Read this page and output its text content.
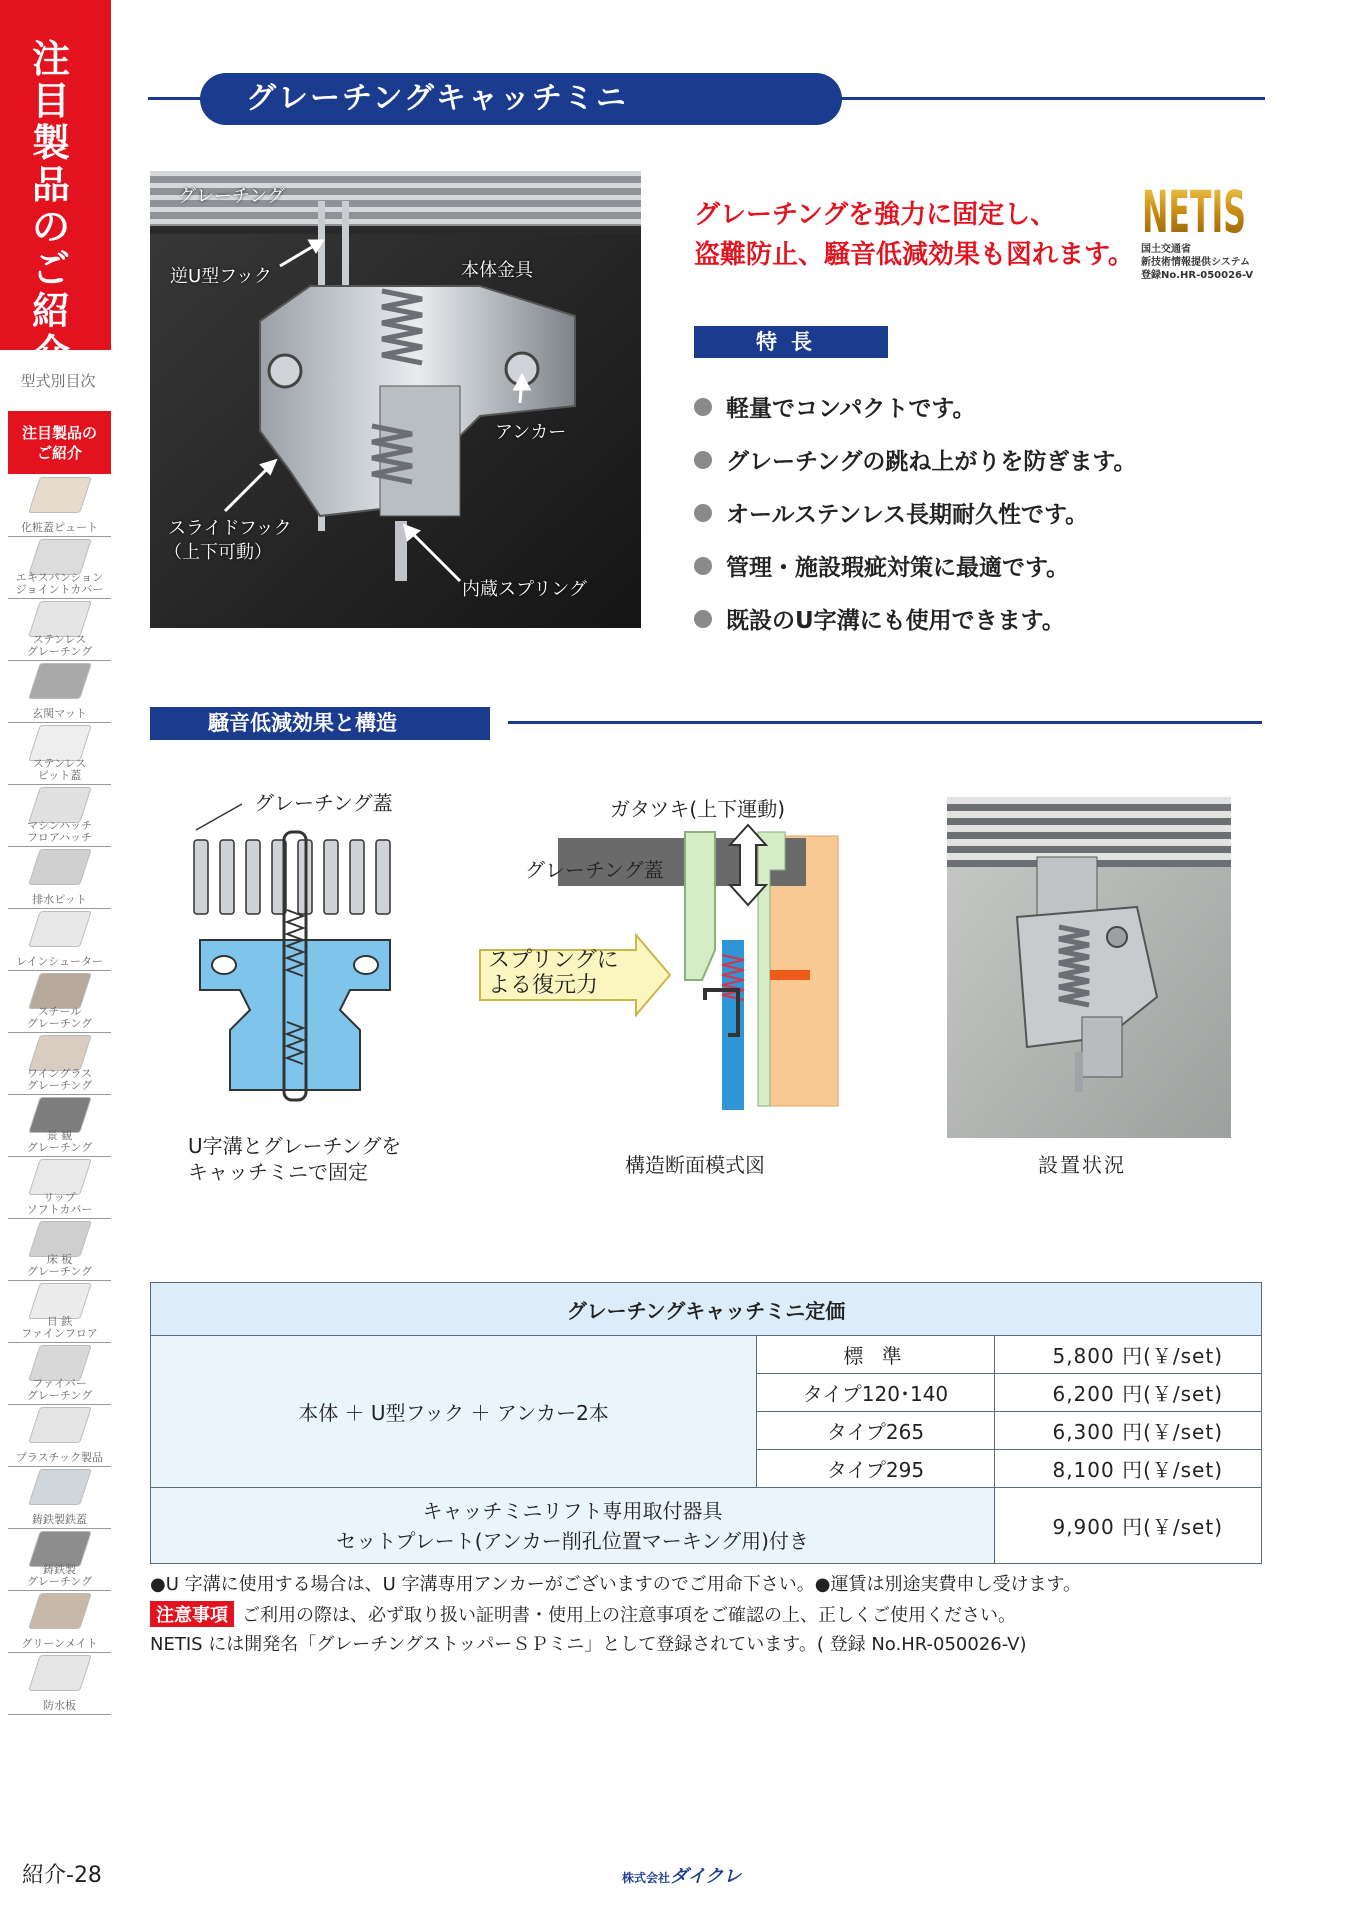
注目製品のご紹介
型式別目次
注目製品の
ご紹介
化粧蓋ピュート
エキスパンション
ジョイントカバー
ステンレス
グレーチング
玄関マット
ステンレス
ピット蓋
マシンハッチ
フロアハッチ
排水ピット
レインシューター
スチール
グレーチング
ワイングラス
グレーチング
景 観
グレーチング
リップ
ソフトカバー
床 板
グレーチング
日 鉄
ファインフロア
ファイバー
グレーチング
プラスチック製品
鋳鉄製鉄蓋
鋳鉄製
グレーチング
グリーンメイト
防水板
グレーチングキャッチミニ
グレーチング
逆U型フック	本体金具
アンカー
スライドフック
（上下可動）
内蔵スプリング
グレーチングを強力に固定し、
盗難防止、騒音低減効果も図れます。
NETIS
国土交通省
新技術情報提供システム
登録No.HR-050026-V
特長
軽量でコンパクトです。
グレーチングの跳ね上がりを防ぎます。
オールステンレス長期耐久性です。
管理・施設瑕疵対策に最適です。
既設のU字溝にも使用できます。
騒音低減効果と構造
グレーチング蓋
U字溝とグレーチングを
キャッチミニで固定
ガタツキ(上下運動)
グレーチング蓋
スプリングに
よる復元力
構造断面模式図	設置状況
グレーチングキャッチミニ定価		
本体 ＋ U型フック ＋ アンカー2本	標 準	5,800 円(￥/set)
	タイプ120･140	6,200 円(￥/set)
	タイプ265	6,300 円(￥/set)
	タイプ295	8,100 円(￥/set)

キャッチミニリフト専用取付器具
セットプレート(アンカー削孔位置マーキング用)付き		9,900 円(￥/set)
●U 字溝に使用する場合は、U 字溝専用アンカーがございますのでご用命下さい。●運賃は別途実費申し受けます。
注意事項 ご利用の際は、必ず取り扱い証明書・使用上の注意事項をご確認の上、正しくご使用ください。
NETIS には開発名「グレーチングストッパーＳＰミニ」として登録されています。( 登録 No.HR-050026-V)
紹介-28	株式会社ダイクレ
